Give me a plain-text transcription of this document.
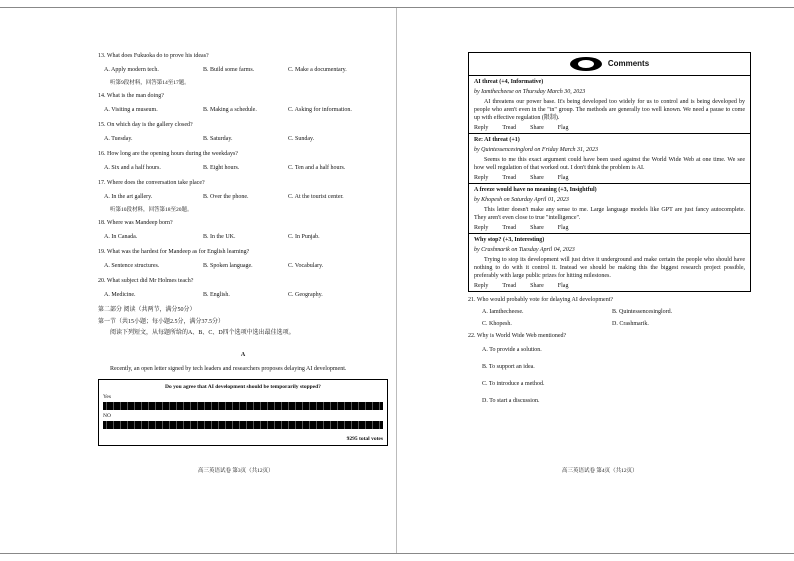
13. What does Fukuoka do to prove his ideas?

A. Apply modern tech.	B. Build some farms.	C. Make a documentary.
听第9段材料，回答第14至17题。

14. What is the man doing?

A. Visiting a museum.	B. Making a schedule.	C. Asking for information.

15. On which day is the gallery closed?

A. Tuesday.	B. Saturday.	C. Sunday.

16. How long are the opening hours during the weekdays?

A. Six and a half hours.	B. Eight hours.	C. Ten and a half hours.

17. Where does the conversation take place?

A. In the art gallery.	B. Over the phone.	C. At the tourist center.
听第10段材料，回答第18至20题。

18. Where was Mandeep born?

A. In Canada.	B. In the UK.	C. In Punjab.

19. What was the hardest for Mandeep as for English learning?

A. Sentence structures.	B. Spoken language.	C. Vocabulary.

20. What subject did Mr Holmes teach?

A. Medicine.	B. English.	C. Geography.
第二部分 阅读（共两节，满分50分）
第一节（共15小题；每小题2.5分，满分37.5分）
阅读下列短文，从每题所给的A、B、C、D四个选项中选出最佳选项。
A
Recently, an open letter signed by tech leaders and researchers proposes delaying AI development.
Do you agree that AI development should be temporarily stopped?
Yes
NO
9295 total votes
高三英语试卷 第3页（共12页）
Comments
AI threat (+4, Informative)
by Iamthecheese on Thursday March 30, 2023
AI threatens our power base. It's being developed too widely for us to control and is being developed by people who aren't even in the "in" group. The methods are generally too well known. We need a pause to come up with effective regulation (限制).
Reply Tread Share Flag
Re: AI threat (+1)
by Quintessencesinglord on Friday March 31, 2023
Seems to me this exact argument could have been used against the World Wide Web at one time. We see how well regulation of that worked out. I don't think the problem is AI.
Reply Tread Share Flag
A freeze would have no meaning (+3, Insightful)
by Khopesh on Saturday April 01, 2023
This letter doesn't make any sense to me. Large language models like GPT are just fancy autocomplete. They aren't even close to true "intelligence".
Reply Tread Share Flag
Why stop? (+3, Interesting)
by Crashmarik on Tuesday April 04, 2023
Trying to stop its development will just drive it underground and make certain the people who should have nothing to do with it control it. Instead we should be making this the biggest research project possible, preferably with large public prizes for hitting milestones.
Reply Tread Share Flag
21. Who would probably vote for delaying AI development?
A. Iamthecheese.	B. Quintessencesinglord.
C. Khopesh.	D. Crashmarik.
22. Why is World Wide Web mentioned?
A. To provide a solution.
B. To support an idea.
C. To introduce a method.
D. To start a discussion.
高三英语试卷 第4页（共12页）
